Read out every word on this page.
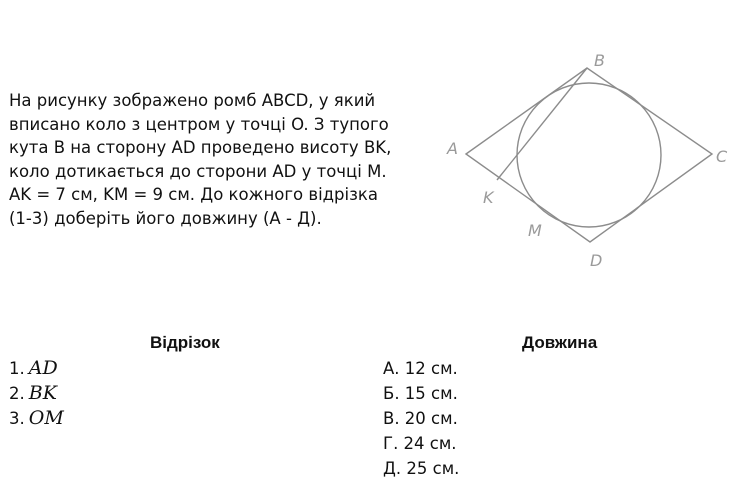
На рисунку зображено ромб ABCD, у який
вписано коло з центром у точці O. З тупого
кута B на сторону AD проведено висоту BK,
коло дотикається до сторони AD у точці M.
AK = 7 см, KM = 9 см. До кожного відрізка
(1-3) доберіть його довжину (А - Д).
B
A	C
D
K
M
Відрізок	Довжина
1. AD
2. BK
3. OM
А. 12 см.
Б. 15 см.
В. 20 см.
Г. 24 см.
Д. 25 см.
